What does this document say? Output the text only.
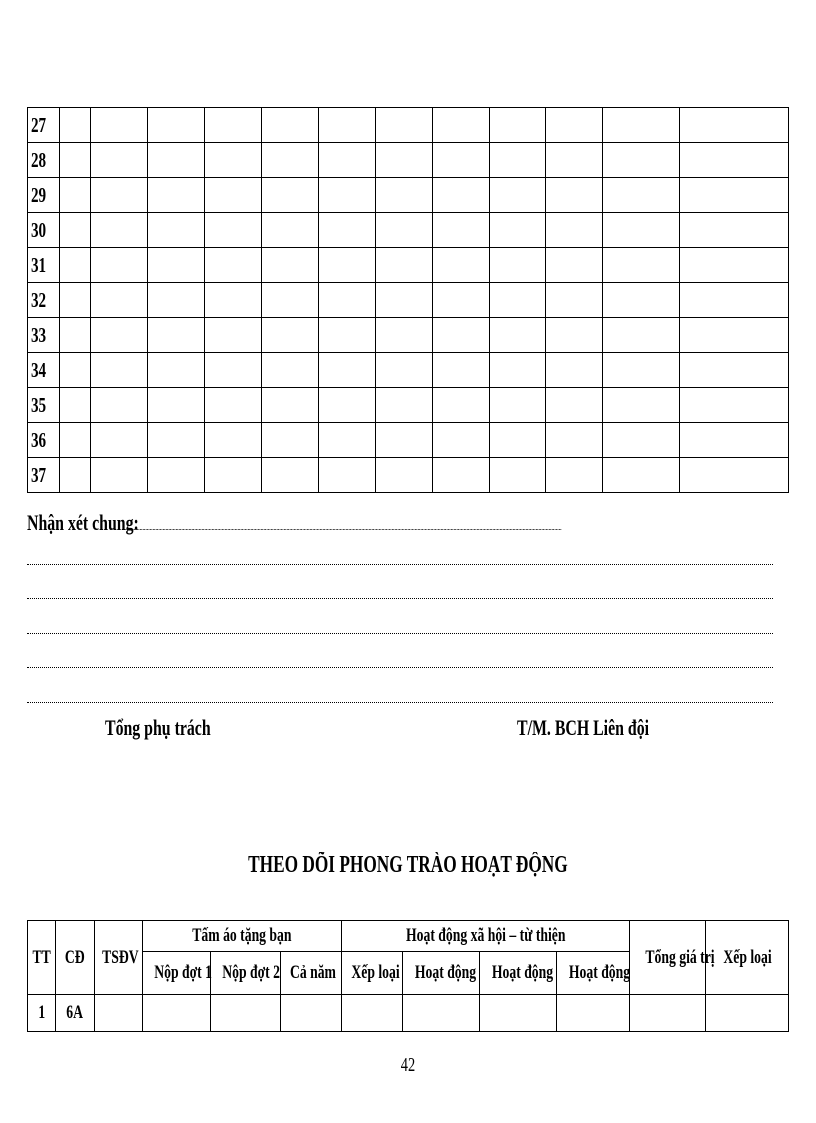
27												
28												
29												
30												
31												
32												
33												
34												
35												
36												
37												
Nhận xét chung:
Tổng phụ trách	T/M. BCH Liên đội
THEO DÕI PHONG TRÀO HOẠT ĐỘNG
TT	CĐ	TSĐV	Tấm áo tặng bạn			Hoạt động xã hội – từ thiện				Tổng giá trị	Xếp loại
			Nộp đợt 1	Nộp đợt 2	Cả năm	Xếp loại	Hoạt động	Hoạt động	Hoạt động		
1	6A										
42
